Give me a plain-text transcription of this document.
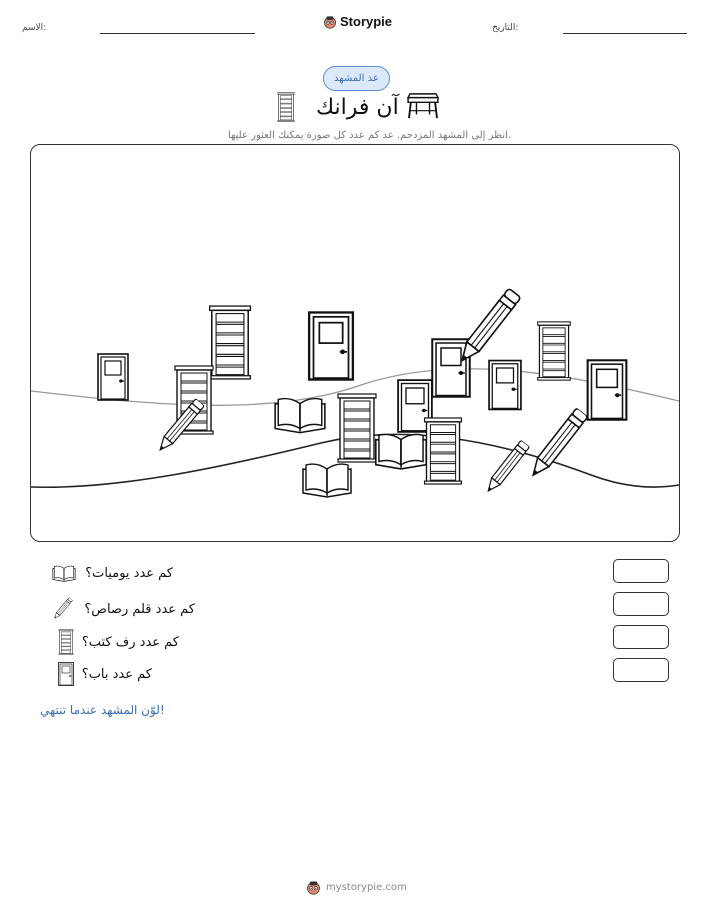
الاسم:	Storypie	التاريخ:
عد المشهد
آن فرانك
انظر إلى المشهد المزدحم. عد كم عدد كل صورة يمكنك العثور عليها.
كم عدد يوميات؟
كم عدد قلم رصاص؟
كم عدد رف كتب؟
كم عدد باب؟
لوّن المشهد عندما تنتهي!
mystorypie.com
